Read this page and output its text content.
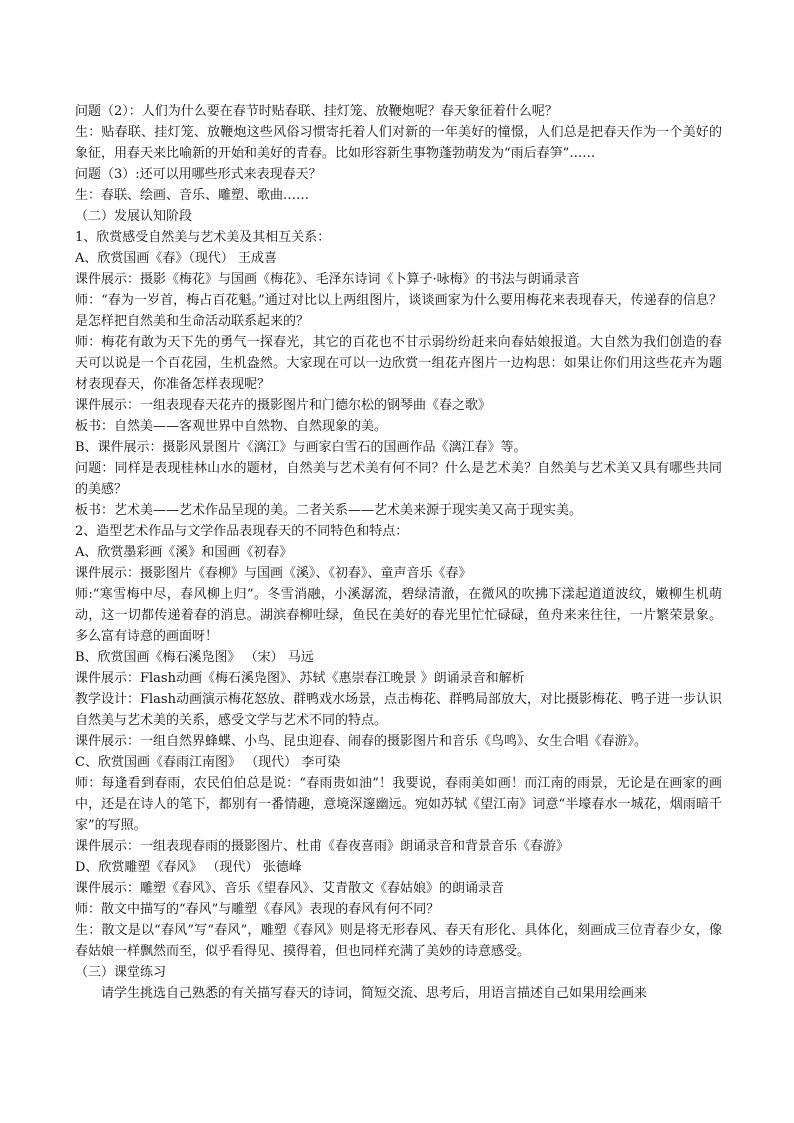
问题（2）：人们为什么要在春节时贴春联、挂灯笼、放鞭炮呢？春天象征着什么呢？

生：贴春联、挂灯笼、放鞭炮这些风俗习惯寄托着人们对新的一年美好的憧憬，人们总是把春天作为一个美好的象征，用春天来比喻新的开始和美好的青春。比如形容新生事物蓬勃萌发为“雨后春笋”……

问题（3）:还可以用哪些形式来表现春天？

生：春联、绘画、音乐、雕塑、歌曲……

（二）发展认知阶段

1、欣赏感受自然美与艺术美及其相互关系：

A、欣赏国画《春》（现代） 王成喜

课件展示：摄影《梅花》与国画《梅花》、毛泽东诗词《卜算子·咏梅》的书法与朗诵录音

师：“春为一岁首，梅占百花魁。”通过对比以上两组图片，谈谈画家为什么要用梅花来表现春天，传递春的信息？是怎样把自然美和生命活动联系起来的？

师：梅花有敢为天下先的勇气一探春光，其它的百花也不甘示弱纷纷赶来向春姑娘报道。大自然为我们创造的春天可以说是一个百花园，生机盎然。大家现在可以一边欣赏一组花卉图片一边构思：如果让你们用这些花卉为题材表现春天，你准备怎样表现呢？

课件展示：一组表现春天花卉的摄影图片和门德尔松的钢琴曲《春之歌》

板书：自然美——客观世界中自然物、自然现象的美。

B、课件展示：摄影风景图片《漓江》与画家白雪石的国画作品《漓江春》等。

问题：同样是表现桂林山水的题材，自然美与艺术美有何不同？什么是艺术美？自然美与艺术美又具有哪些共同的美感？

板书：艺术美——艺术作品呈现的美。二者关系——艺术美来源于现实美又高于现实美。

2、造型艺术作品与文学作品表现春天的不同特色和特点：

A、欣赏墨彩画《溪》和国画《初春》

课件展示：摄影图片《春柳》与国画《溪》、《初春》、童声音乐《春》

师:“寒雪梅中尽，春风柳上归”。冬雪消融，小溪潺流，碧绿清澈，在微风的吹拂下漾起道道波纹，嫩柳生机萌动，这一切都传递着春的消息。湖滨春柳吐绿，鱼民在美好的春光里忙忙碌碌，鱼舟来来往往，一片繁荣景象。多么富有诗意的画面呀！

B、欣赏国画《梅石溪凫图》 （宋） 马远

课件展示：Flash动画《梅石溪凫图》、苏轼《惠崇春江晚景 》朗诵录音和解析

教学设计：Flash动画演示梅花怒放、群鸭戏水场景，点击梅花、群鸭局部放大，对比摄影梅花、鸭子进一步认识自然美与艺术美的关系，感受文学与艺术不同的特点。

课件展示：一组自然界蜂蝶、小鸟、昆虫迎春、闹春的摄影图片和音乐《鸟鸣》、女生合唱《春游》。

C、欣赏国画《春雨江南图》 （现代） 李可染

师：每逢看到春雨，农民伯伯总是说：“春雨贵如油”！我要说，春雨美如画！而江南的雨景，无论是在画家的画中，还是在诗人的笔下，都别有一番情趣，意境深邃幽远。宛如苏轼《望江南》词意“半壕春水一城花，烟雨暗千家”的写照。

课件展示：一组表现春雨的摄影图片、杜甫《春夜喜雨》朗诵录音和背景音乐《春游》

D、欣赏雕塑《春风》 （现代） 张德峰

课件展示：雕塑《春风》、音乐《望春风》、艾青散文《春姑娘》的朗诵录音

师：散文中描写的“春风”与雕塑《春风》表现的春风有何不同？

生：散文是以“春风”写“春风”，雕塑《春风》则是将无形春风、春天有形化、具体化，刻画成三位青春少女，像春姑娘一样飘然而至，似乎看得见、摸得着，但也同样充满了美妙的诗意感受。

（三）课堂练习

请学生挑选自己熟悉的有关描写春天的诗词，简短交流、思考后，用语言描述自己如果用绘画来
